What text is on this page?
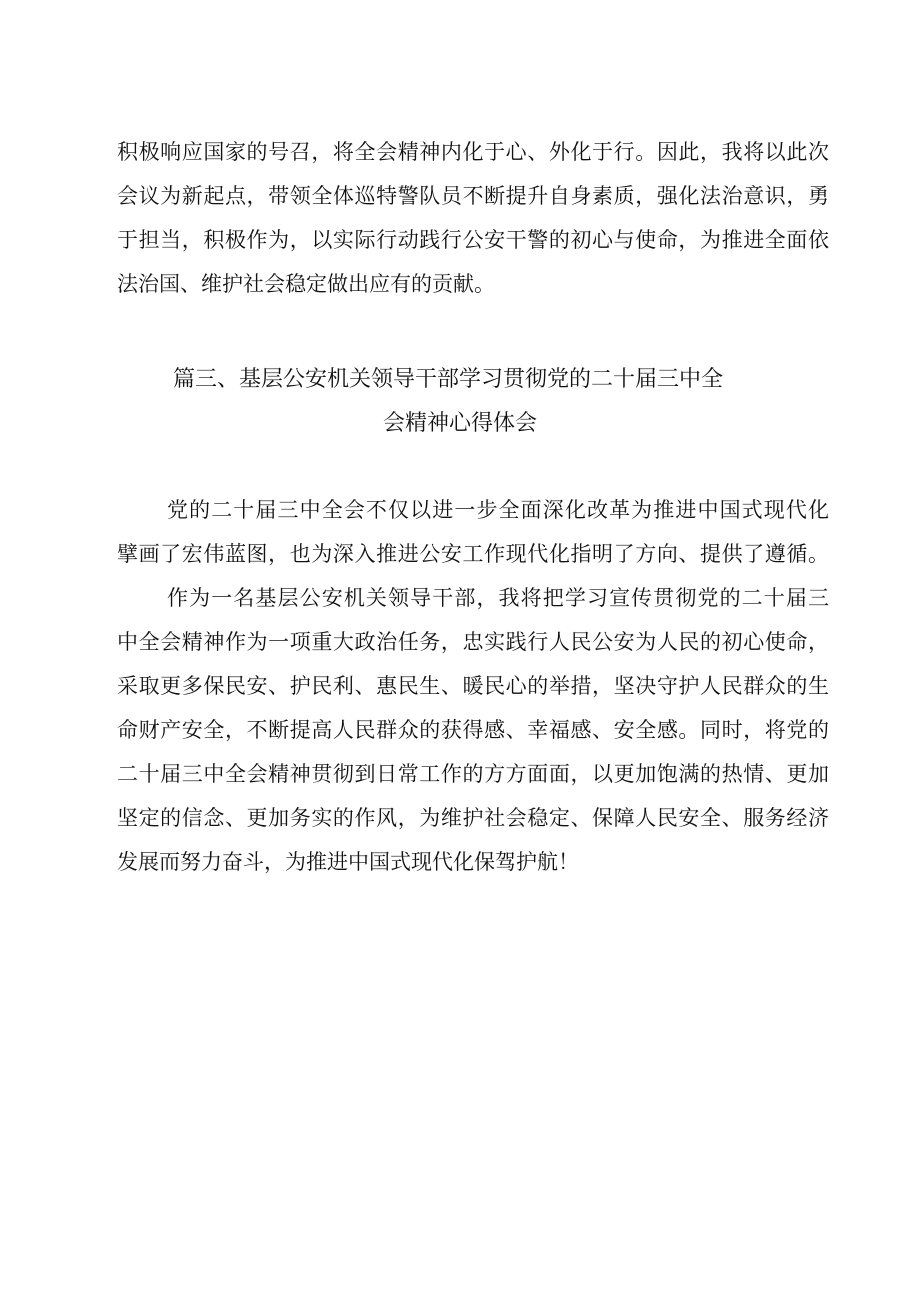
积极响应国家的号召，将全会精神内化于心、外化于行。因此，我将以此次
会议为新起点，带领全体巡特警队员不断提升自身素质，强化法治意识，勇
于担当，积极作为，以实际行动践行公安干警的初心与使命，为推进全面依
法治国、维护社会稳定做出应有的贡献。
篇三、基层公安机关领导干部学习贯彻党的二十届三中全
会精神心得体会
党的二十届三中全会不仅以进一步全面深化改革为推进中国式现代化
擘画了宏伟蓝图，也为深入推进公安工作现代化指明了方向、提供了遵循。
作为一名基层公安机关领导干部，我将把学习宣传贯彻党的二十届三
中全会精神作为一项重大政治任务，忠实践行人民公安为人民的初心使命，
采取更多保民安、护民利、惠民生、暖民心的举措，坚决守护人民群众的生
命财产安全，不断提高人民群众的获得感、幸福感、安全感。同时，将党的
二十届三中全会精神贯彻到日常工作的方方面面，以更加饱满的热情、更加
坚定的信念、更加务实的作风，为维护社会稳定、保障人民安全、服务经济
发展而努力奋斗，为推进中国式现代化保驾护航！
